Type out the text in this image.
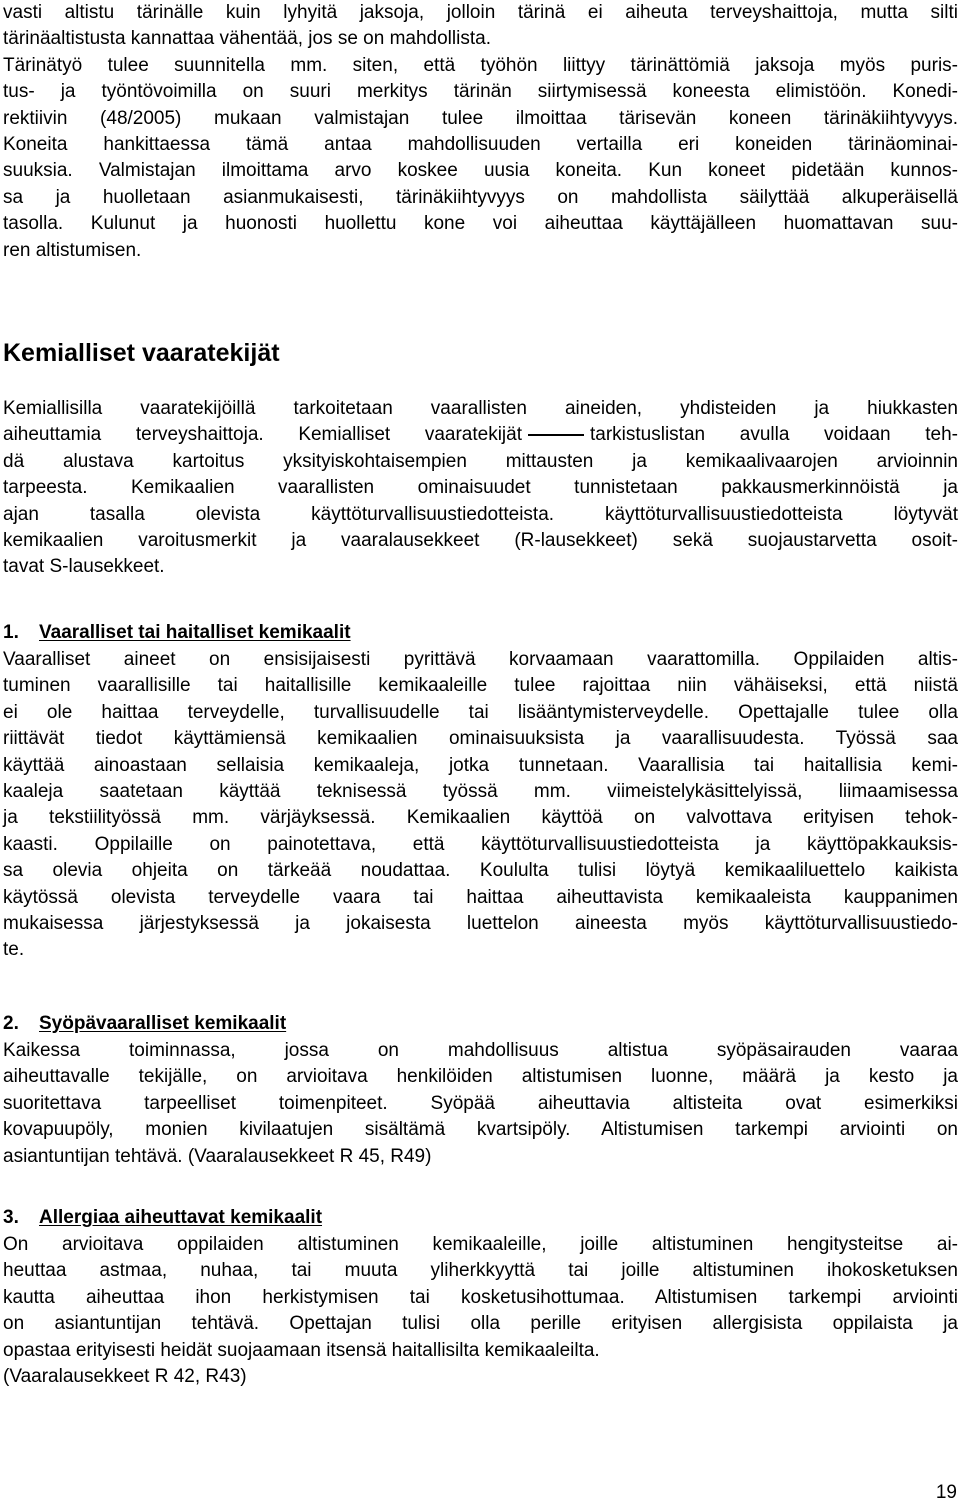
vasti altistu tärinälle kuin lyhyitä jaksoja, jolloin tärinä ei aiheuta terveyshaittoja, mutta silti
tärinäaltistusta kannattaa vähentää, jos se on mahdollista.
Tärinätyö tulee suunnitella mm. siten, että työhön liittyy tärinättömiä jaksoja myös puris-
tus- ja työntövoimilla on suuri merkitys tärinän siirtymisessä koneesta elimistöön. Konedi-
rektiivin (48/2005) mukaan valmistajan tulee ilmoittaa tärisevän koneen tärinäkiihtyvyys.
Koneita hankittaessa tämä antaa mahdollisuuden vertailla eri koneiden tärinäominai-
suuksia. Valmistajan ilmoittama arvo koskee uusia koneita. Kun koneet pidetään kunnos-
sa ja huolletaan asianmukaisesti, tärinäkiihtyvyys on mahdollista säilyttää alkuperäisellä
tasolla. Kulunut ja huonosti huollettu kone voi aiheuttaa käyttäjälleen huomattavan suu-
ren altistumisen.
Kemialliset vaaratekijät
Kemiallisilla vaaratekijöillä tarkoitetaan vaarallisten aineiden, yhdisteiden ja hiukkasten
aiheuttamia terveyshaittoja. Kemialliset vaaratekijät	tarkistuslistan avulla voidaan teh-
dä alustava kartoitus yksityiskohtaisempien mittausten ja kemikaalivaarojen arvioinnin
tarpeesta. Kemikaalien vaarallisten ominaisuudet tunnistetaan pakkausmerkinnöistä ja
ajan tasalla olevista käyttöturvallisuustiedotteista. käyttöturvallisuustiedotteista löytyvät
kemikaalien varoitusmerkit ja vaaralausekkeet (R-lausekkeet) sekä suojaustarvetta osoit-
tavat S-lausekkeet.
1. Vaaralliset tai haitalliset kemikaalit
Vaaralliset aineet on ensisijaisesti pyrittävä korvaamaan vaarattomilla. Oppilaiden altis-
tuminen vaarallisille tai haitallisille kemikaaleille tulee rajoittaa niin vähäiseksi, että niistä
ei ole haittaa terveydelle, turvallisuudelle tai lisääntymisterveydelle. Opettajalle tulee olla
riittävät tiedot käyttämiensä kemikaalien ominaisuuksista ja vaarallisuudesta. Työssä saa
käyttää ainoastaan sellaisia kemikaaleja, jotka tunnetaan. Vaarallisia tai haitallisia kemi-
kaaleja saatetaan käyttää teknisessä työssä mm. viimeistelykäsittelyissä, liimaamisessa
ja tekstiilityössä mm. värjäyksessä. Kemikaalien käyttöä on valvottava erityisen tehok-
kaasti. Oppilaille on painotettava, että käyttöturvallisuustiedotteista ja käyttöpakkauksis-
sa olevia ohjeita on tärkeää noudattaa. Koululta tulisi löytyä kemikaaliluettelo kaikista
käytössä olevista terveydelle vaara tai haittaa aiheuttavista kemikaaleista kauppanimen
mukaisessa järjestyksessä ja jokaisesta luettelon aineesta myös käyttöturvallisuustiedo-
te.
2. Syöpävaaralliset kemikaalit
Kaikessa toiminnassa, jossa on mahdollisuus altistua syöpäsairauden vaaraa
aiheuttavalle tekijälle, on arvioitava henkilöiden altistumisen luonne, määrä ja kesto ja
suoritettava tarpeelliset toimenpiteet. Syöpää aiheuttavia altisteita ovat esimerkiksi
kovapuupöly, monien kivilaatujen sisältämä kvartsipöly. Altistumisen tarkempi arviointi on
asiantuntijan tehtävä. (Vaaralausekkeet R 45, R49)
3. Allergiaa aiheuttavat kemikaalit
On arvioitava oppilaiden altistuminen kemikaaleille, joille altistuminen hengitysteitse ai-
heuttaa astmaa, nuhaa, tai muuta yliherkkyyttä tai joille altistuminen ihokosketuksen
kautta aiheuttaa ihon herkistymisen tai kosketusihottumaa. Altistumisen tarkempi arviointi
on asiantuntijan tehtävä. Opettajan tulisi olla perille erityisen allergisista oppilaista ja
opastaa erityisesti heidät suojaamaan itsensä haitallisilta kemikaaleilta.
(Vaaralausekkeet R 42, R43)
19
